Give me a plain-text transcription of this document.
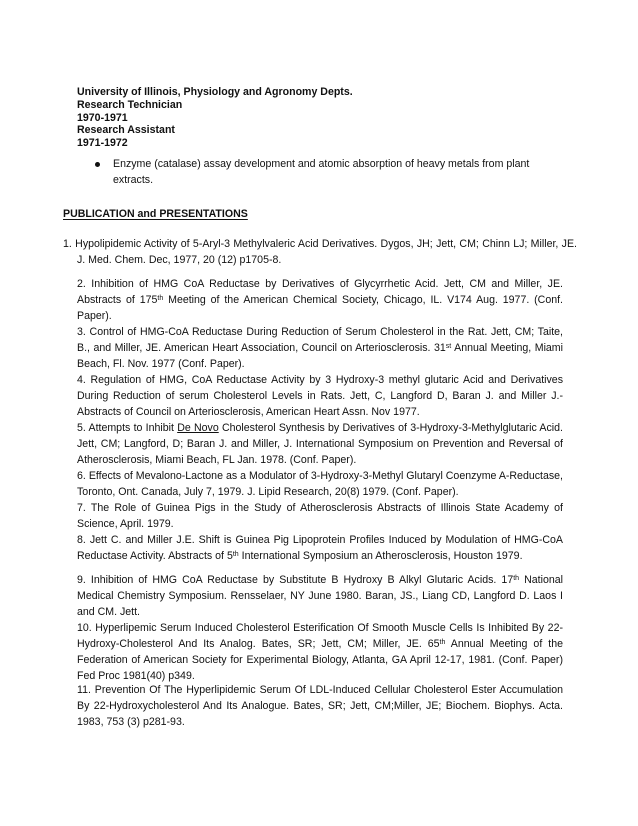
University of Illinois, Physiology and Agronomy Depts.
Research Technician
1970-1971
Research Assistant
1971-1972
Enzyme (catalase) assay development and atomic absorption of heavy metals from plant extracts.
PUBLICATION and PRESENTATIONS
1. Hypolipidemic Activity of 5-Aryl-3 Methylvaleric Acid Derivatives. Dygos, JH; Jett, CM; Chinn LJ; Miller, JE. J. Med. Chem. Dec, 1977, 20 (12) p1705-8.
2. Inhibition of HMG CoA Reductase by Derivatives of Glycyrrhetic Acid. Jett, CM and Miller, JE. Abstracts of 175th Meeting of the American Chemical Society, Chicago, IL. V174 Aug. 1977. (Conf. Paper).
3. Control of HMG-CoA Reductase During Reduction of Serum Cholesterol in the Rat. Jett, CM; Taite, B., and Miller, JE. American Heart Association, Council on Arteriosclerosis. 31st Annual Meeting, Miami Beach, Fl. Nov. 1977 (Conf. Paper).
4. Regulation of HMG, CoA Reductase Activity by 3 Hydroxy-3 methyl glutaric Acid and Derivatives During Reduction of serum Cholesterol Levels in Rats. Jett, C, Langford D, Baran J. and Miller J.- Abstracts of Council on Arteriosclerosis, American Heart Assn. Nov 1977.
5. Attempts to Inhibit De Novo Cholesterol Synthesis by Derivatives of 3-Hydroxy-3-Methylglutaric Acid. Jett, CM; Langford, D; Baran J. and Miller, J. International Symposium on Prevention and Reversal of Atherosclerosis, Miami Beach, FL Jan. 1978. (Conf. Paper).
6. Effects of Mevalono-Lactone as a Modulator of 3-Hydroxy-3-Methyl Glutaryl Coenzyme A-Reductase, Toronto, Ont. Canada, July 7, 1979. J. Lipid Research, 20(8) 1979. (Conf. Paper).
7. The Role of Guinea Pigs in the Study of Atherosclerosis Abstracts of Illinois State Academy of Science, April. 1979.
8. Jett C. and Miller J.E. Shift is Guinea Pig Lipoprotein Profiles Induced by Modulation of HMG-CoA Reductase Activity. Abstracts of 5th International Symposium an Atherosclerosis, Houston 1979.
9. Inhibition of HMG CoA Reductase by Substitute B Hydroxy B Alkyl Glutaric Acids. 17th National Medical Chemistry Symposium. Rensselaer, NY June 1980. Baran, JS., Liang CD, Langford D. Laos I and CM. Jett.
10. Hyperlipemic Serum Induced Cholesterol Esterification Of Smooth Muscle Cells Is Inhibited By 22-Hydroxy-Cholesterol And Its Analog. Bates, SR; Jett, CM; Miller, JE. 65th Annual Meeting of the Federation of American Society for Experimental Biology, Atlanta, GA April 12-17, 1981. (Conf. Paper) Fed Proc 1981(40) p349.
11. Prevention Of The Hyperlipidemic Serum Of LDL-Induced Cellular Cholesterol Ester Accumulation By 22-Hydroxycholesterol And Its Analogue. Bates, SR; Jett, CM;Miller, JE; Biochem. Biophys. Acta. 1983, 753 (3) p281-93.
